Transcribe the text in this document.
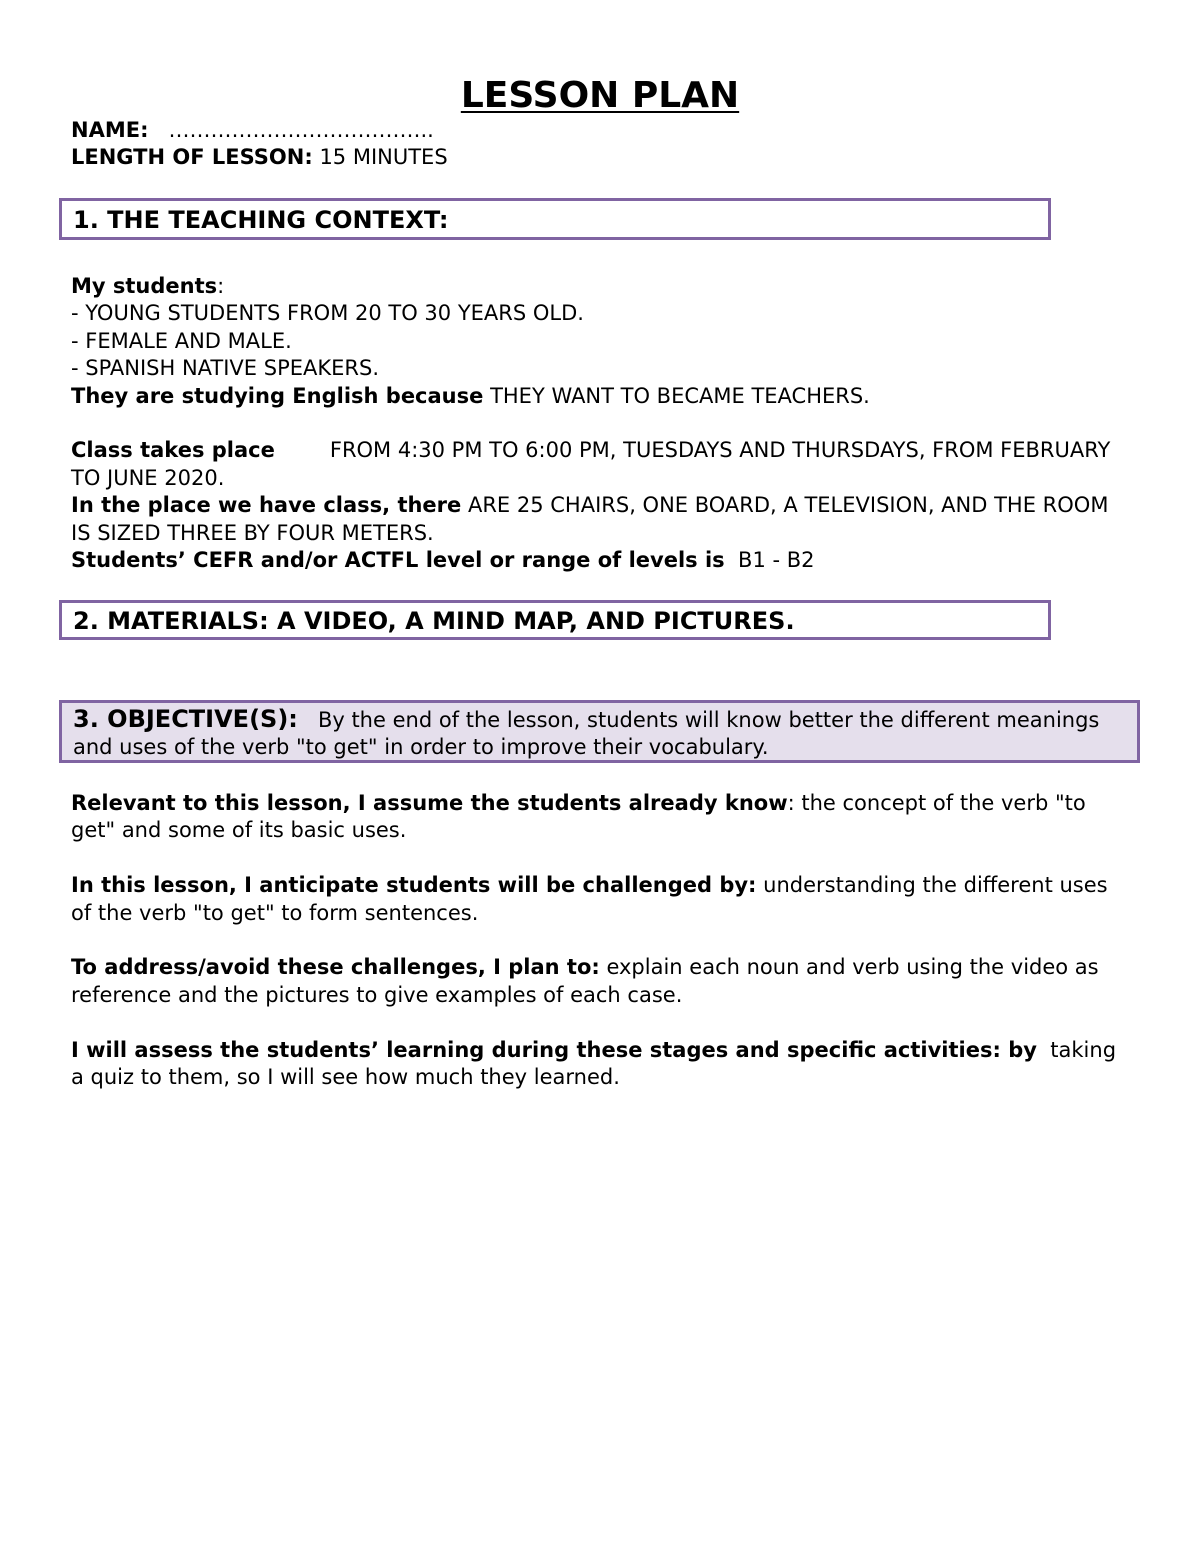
LESSON PLAN

NAME: ………………………………..

LENGTH OF LESSON: 15 MINUTES

1. THE TEACHING CONTEXT:

My students:

- YOUNG STUDENTS FROM 20 TO 30 YEARS OLD.

- FEMALE AND MALE.

- SPANISH NATIVE SPEAKERS.

They are studying English because THEY WANT TO BECAME TEACHERS.

Class takes place	FROM 4:30 PM TO 6:00 PM, TUESDAYS AND THURSDAYS, FROM FEBRUARY TO JUNE 2020.

In the place we have class, there ARE 25 CHAIRS, ONE BOARD, A TELEVISION, AND THE ROOM IS SIZED THREE BY FOUR METERS.

Students’ CEFR and/or ACTFL level or range of levels is B1 - B2

2. MATERIALS: A VIDEO, A MIND MAP, AND PICTURES.
3. OBJECTIVE(S): By the end of the lesson, students will know better the different meanings and uses of the verb "to get" in order to improve their vocabulary.

Relevant to this lesson, I assume the students already know: the concept of the verb "to get" and some of its basic uses.

In this lesson, I anticipate students will be challenged by: understanding the different uses of the verb "to get" to form sentences.

To address/avoid these challenges, I plan to: explain each noun and verb using the video as reference and the pictures to give examples of each case.

I will assess the students’ learning during these stages and specific activities: by taking a quiz to them, so I will see how much they learned.
